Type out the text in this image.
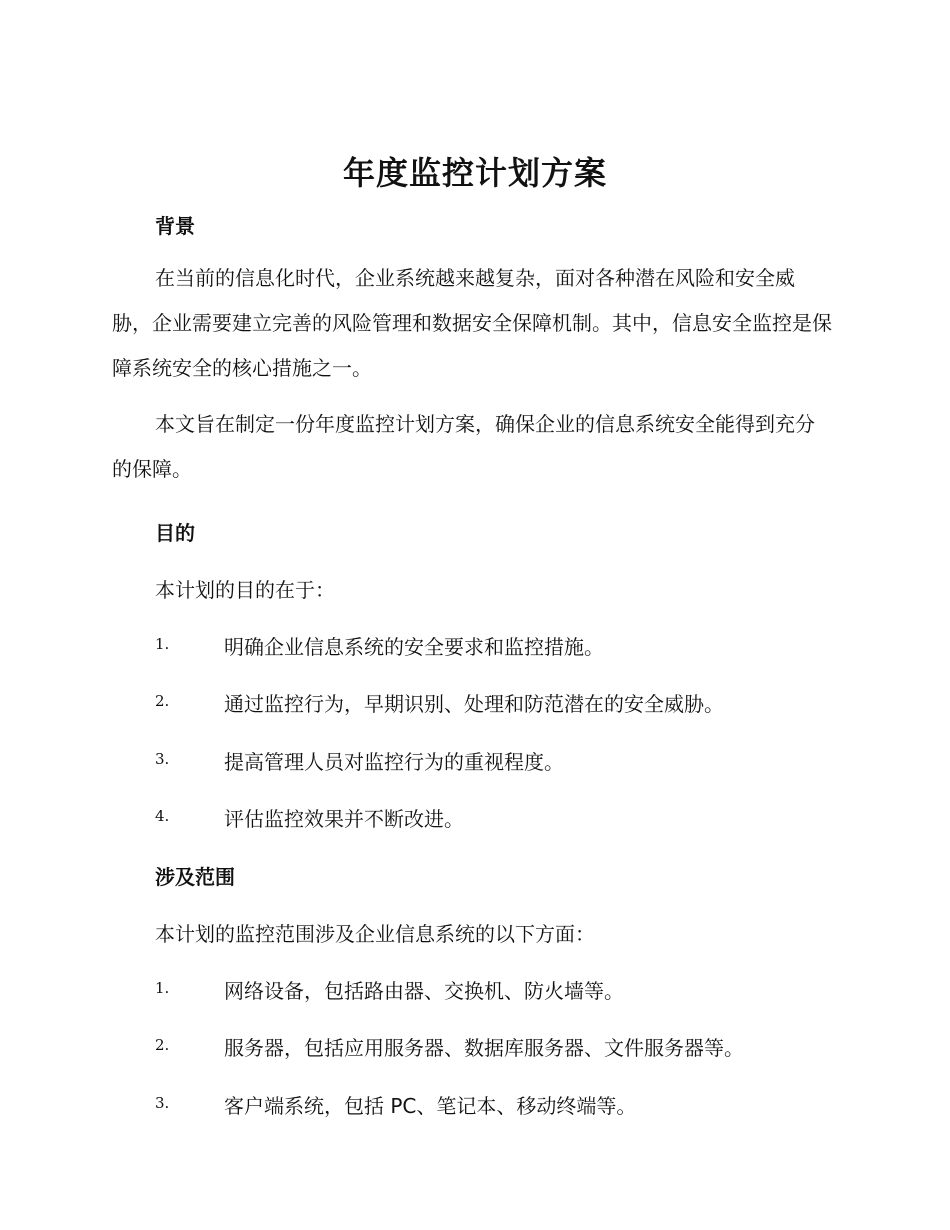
年度监控计划方案
背景
在当前的信息化时代，企业系统越来越复杂，面对各种潜在风险和安全威胁，企业需要建立完善的风险管理和数据安全保障机制。其中，信息安全监控是保障系统安全的核心措施之一。
本文旨在制定一份年度监控计划方案，确保企业的信息系统安全能得到充分的保障。
目的
本计划的目的在于：
1.	明确企业信息系统的安全要求和监控措施。
2.	通过监控行为，早期识别、处理和防范潜在的安全威胁。
3.	提高管理人员对监控行为的重视程度。
4.	评估监控效果并不断改进。
涉及范围
本计划的监控范围涉及企业信息系统的以下方面：
1.	网络设备，包括路由器、交换机、防火墙等。
2.	服务器，包括应用服务器、数据库服务器、文件服务器等。
3.	客户端系统，包括 PC、笔记本、移动终端等。
